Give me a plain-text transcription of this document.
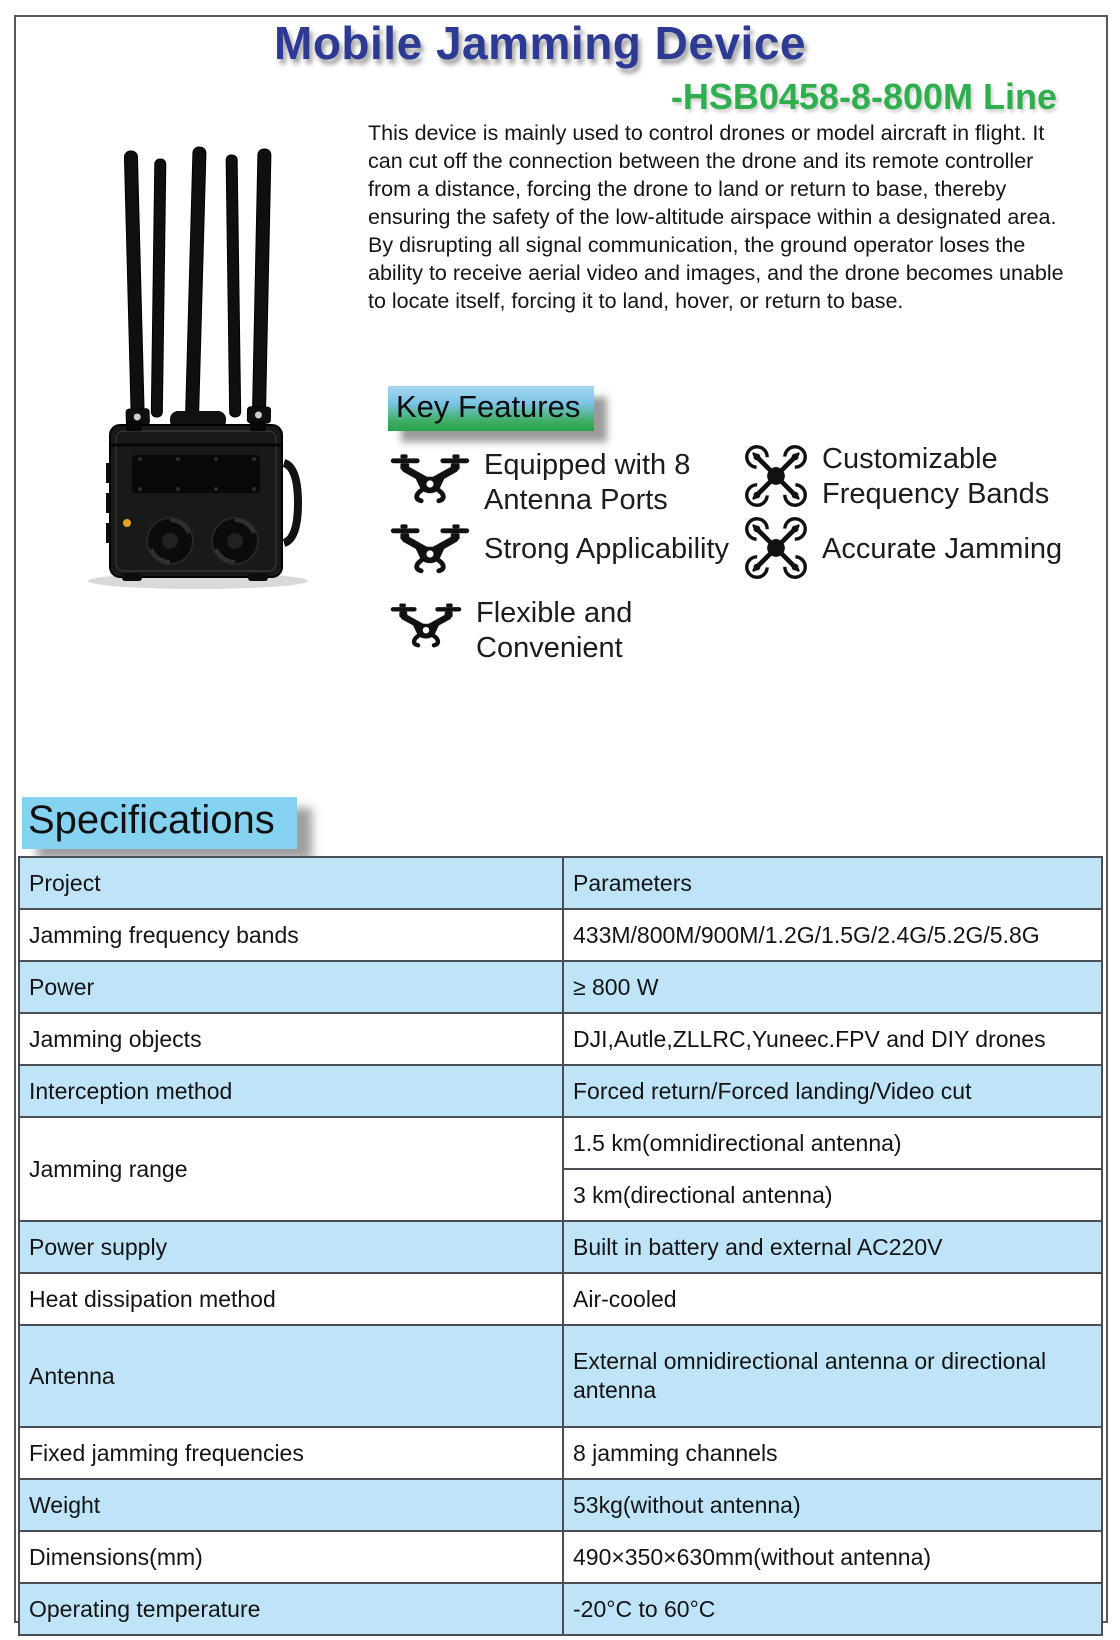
Mobile Jamming Device
-HSB0458-8-800M Line
This device is mainly used to control drones or model aircraft in flight. It can cut off the connection between the drone and its remote controller from a distance, forcing the drone to land or return to base, thereby ensuring the safety of the low-altitude airspace within a designated area. By disrupting all signal communication, the ground operator loses the ability to receive aerial video and images, and the drone becomes unable to locate itself, forcing it to land, hover, or return to base.
Key Features
Equipped with 8
Antenna Ports
Customizable
Frequency Bands
Strong Applicability	Accurate Jamming
Flexible and
Convenient
Specifications
Project	Parameters
Jamming frequency bands	433M/800M/900M/1.2G/1.5G/2.4G/5.2G/5.8G
Power	≥ 800 W
Jamming objects	DJI,Autle,ZLLRC,Yuneec.FPV and DIY drones
Interception method	Forced return/Forced landing/Video cut
Jamming range	1.5 km(omnidirectional antenna)
	3 km(directional antenna)
Power supply	Built in battery and external AC220V
Heat dissipation method	Air-cooled
Antenna	External omnidirectional antenna or directional antenna
Fixed jamming frequencies	8 jamming channels
Weight	53kg(without antenna)
Dimensions(mm)	490×350×630mm(without antenna)
Operating temperature	-20°C to 60°C
